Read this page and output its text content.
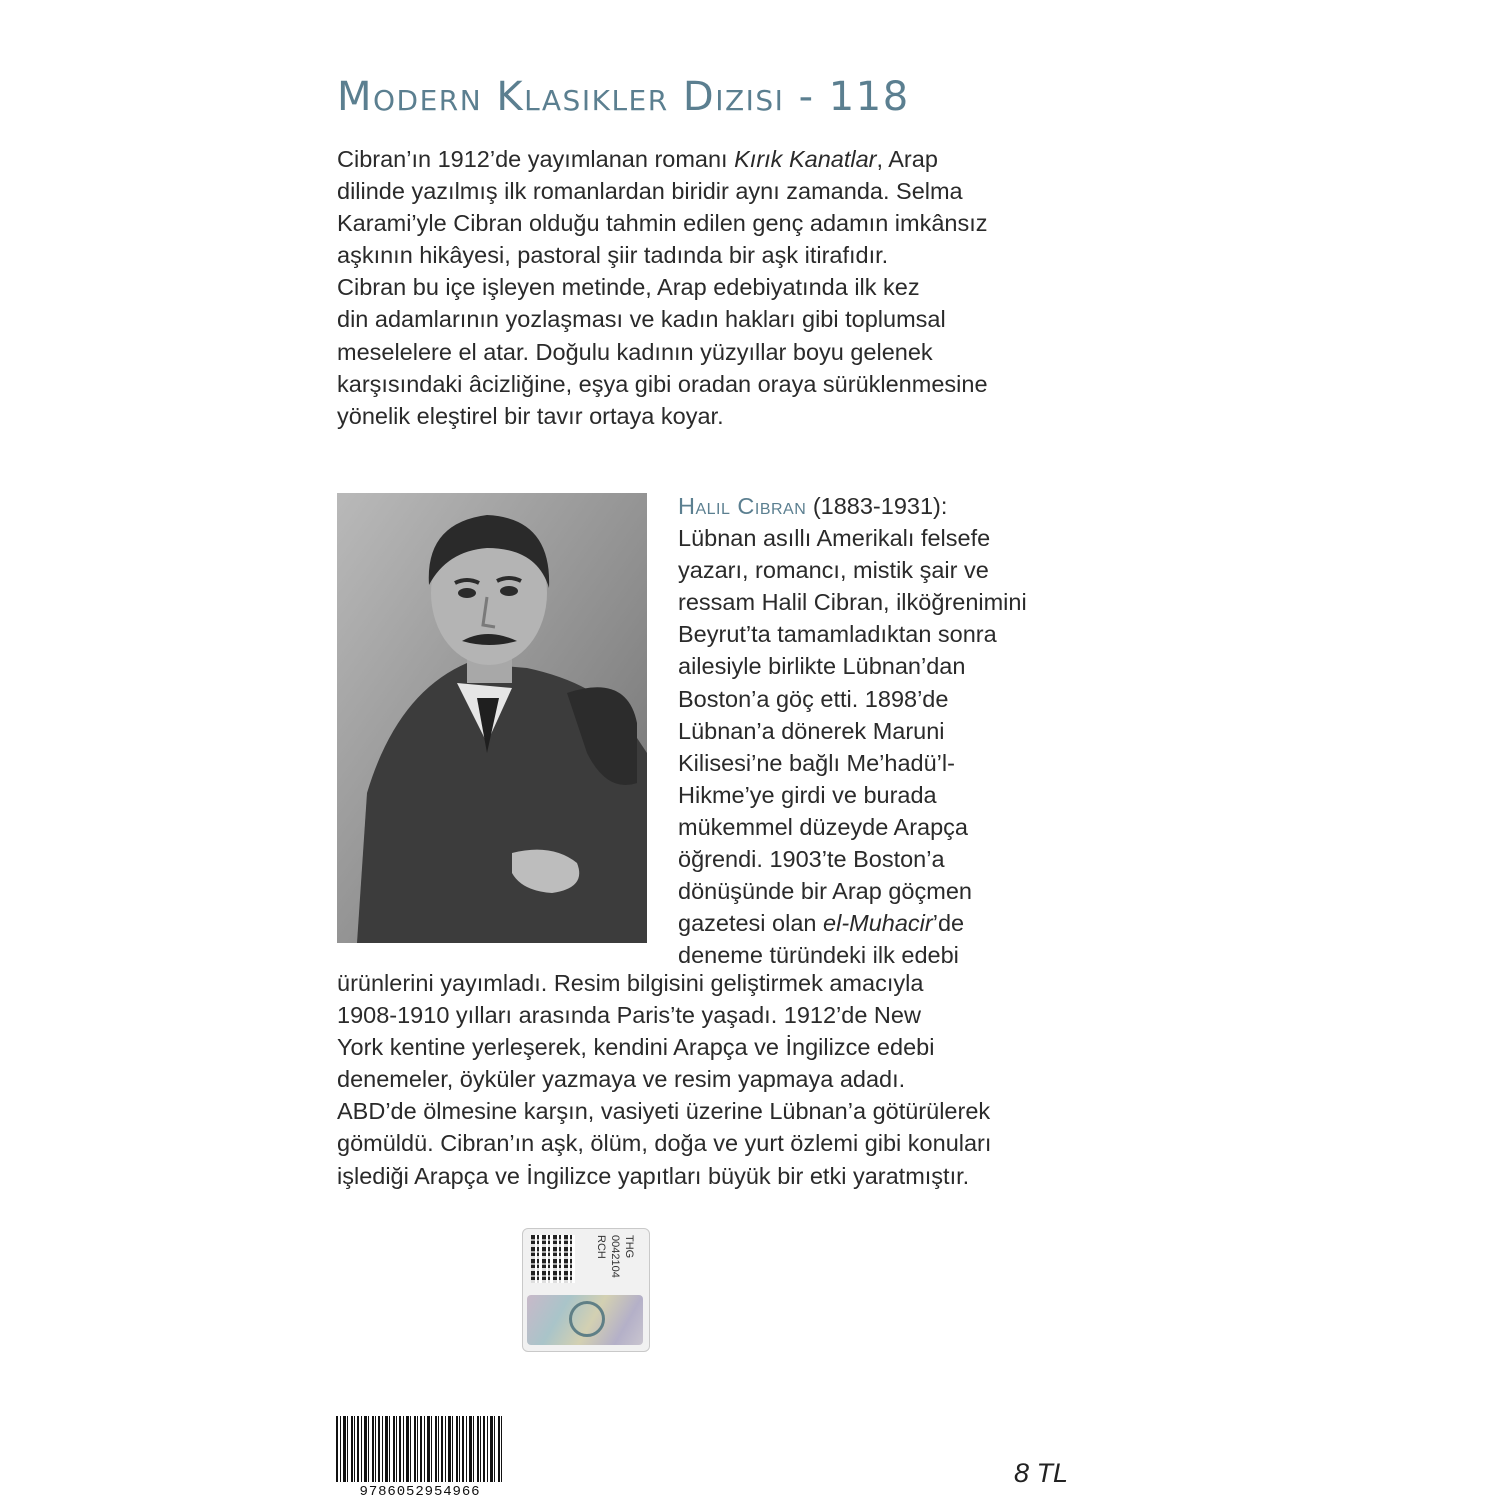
Modern Klasikler Dizisi - 118

Cibran’ın 1912’de yayımlanan romanı Kırık Kanatlar, Arap
dilinde yazılmış ilk romanlardan biridir aynı zamanda. Selma
Karami’yle Cibran olduğu tahmin edilen genç adamın imkânsız
aşkının hikâyesi, pastoral şiir tadında bir aşk itirafıdır.
Cibran bu içe işleyen metinde, Arap edebiyatında ilk kez
din adamlarının yozlaşması ve kadın hakları gibi toplumsal
meselelere el atar. Doğulu kadının yüzyıllar boyu gelenek
karşısındaki âcizliğine, eşya gibi oradan oraya sürüklenmesine
yönelik eleştirel bir tavır ortaya koyar.

Halil Cibran (1883-1931):
Lübnan asıllı Amerikalı felsefe
yazarı, romancı, mistik şair ve
ressam Halil Cibran, ilköğrenimini
Beyrut’ta tamamladıktan sonra
ailesiyle birlikte Lübnan’dan
Boston’a göç etti. 1898’de
Lübnan’a dönerek Maruni
Kilisesi’ne bağlı Me’hadü’l-
Hikme’ye girdi ve burada
mükemmel düzeyde Arapça
öğrendi. 1903’te Boston’a
dönüşünde bir Arap göçmen
gazetesi olan el-Muhacir’de
deneme türündeki ilk edebi

ürünlerini yayımladı. Resim bilgisini geliştirmek amacıyla
1908-1910 yılları arasında Paris’te yaşadı. 1912’de New
York kentine yerleşerek, kendini Arapça ve İngilizce edebi
denemeler, öyküler yazmaya ve resim yapmaya adadı.
ABD’de ölmesine karşın, vasiyeti üzerine Lübnan’a götürülerek
gömüldü. Cibran’ın aşk, ölüm, doğa ve yurt özlemi gibi konuları
işlediği Arapça ve İngilizce yapıtları büyük bir etki yaratmıştır.

THG
0042104
RCH
9786052954966
8 TL
